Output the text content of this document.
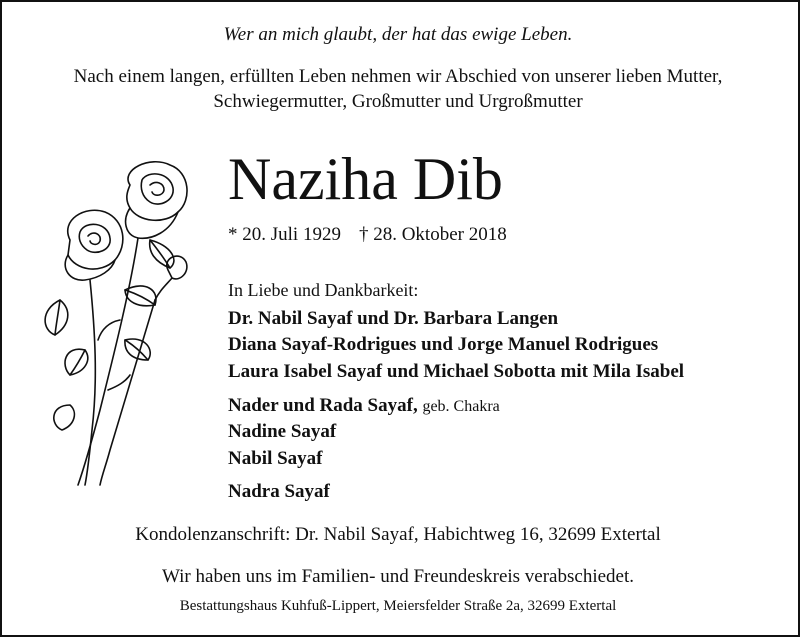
Wer an mich glaubt, der hat das ewige Leben.
Nach einem langen, erfüllten Leben nehmen wir Abschied von unserer lieben Mutter,
Schwiegermutter, Großmutter und Urgroßmutter
Naziha Dib
* 20. Juli 1929 † 28. Oktober 2018
In Liebe und Dankbarkeit:
Dr. Nabil Sayaf und Dr. Barbara Langen
Diana Sayaf-Rodrigues und Jorge Manuel Rodrigues
Laura Isabel Sayaf und Michael Sobotta mit Mila Isabel
Nader und Rada Sayaf, geb. Chakra
Nadine Sayaf
Nabil Sayaf
Nadra Sayaf
Kondolenzanschrift: Dr. Nabil Sayaf, Habichtweg 16, 32699 Extertal
Wir haben uns im Familien- und Freundeskreis verabschiedet.
Bestattungshaus Kuhfuß-Lippert, Meiersfelder Straße 2a, 32699 Extertal
